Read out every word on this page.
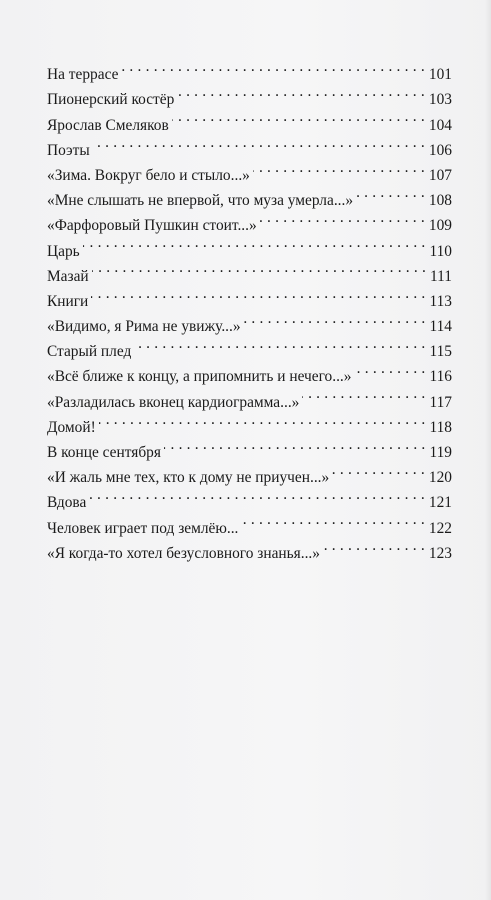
На террасе . . .	101
Пионерский костёр . . .	103
Ярослав Смеляков . . .	104
Поэты . . .	106
«Зима. Вокруг бело и стыло...» . . .	107
«Мне слышать не впервой, что муза умерла...» . . .	108
«Фарфоровый Пушкин стоит...» . . .	109
Царь . . .	110
Мазай . . .	111
Книги . . .	113
«Видимо, я Рима не увижу...» . . .	114
Старый плед . . .	115
«Всё ближе к концу, а припомнить и нечего...» . . .	116
«Разладилась вконец кардиограмма...» . . .	117
Домой! . . .	118
В конце сентября . . .	119
«И жаль мне тех, кто к дому не приучен...» . . .	120
Вдова . . .	121
Человек играет под землёю... . . .	122
«Я когда-то хотел безусловного знанья...» . . .	123
